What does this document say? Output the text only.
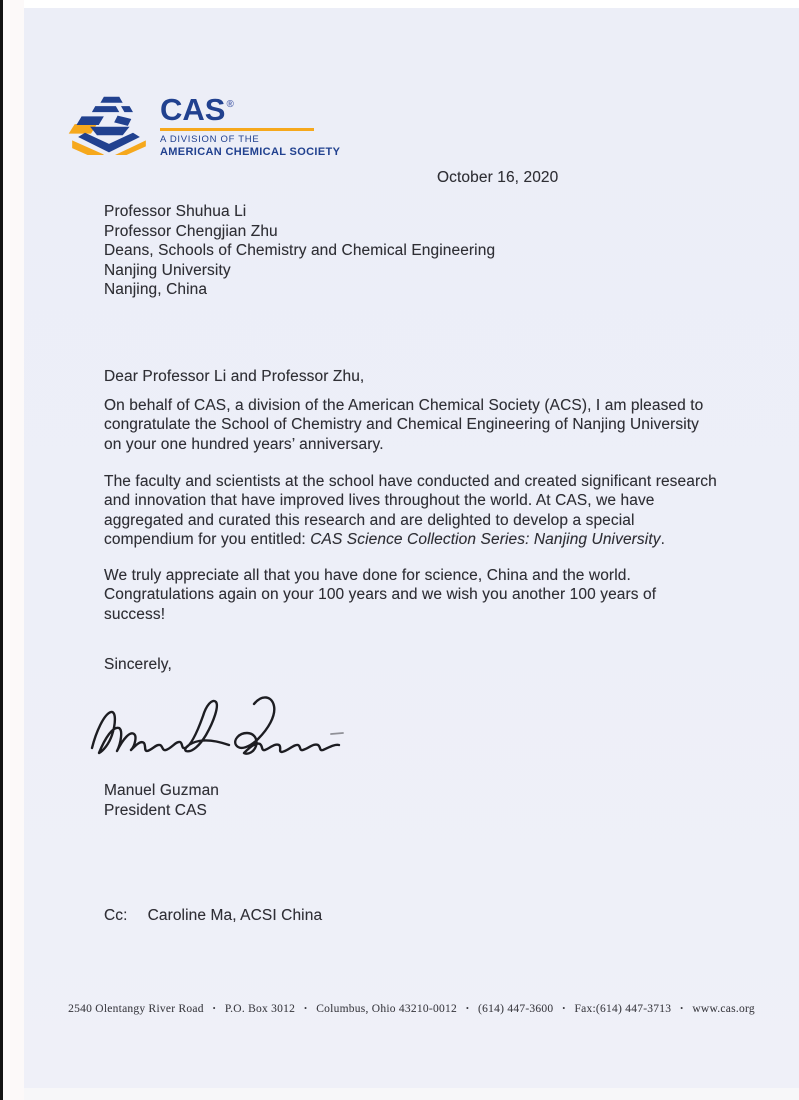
CAS®
A DIVISION OF THE
AMERICAN CHEMICAL SOCIETY
October 16, 2020
Professor Shuhua Li
Professor Chengjian Zhu
Deans, Schools of Chemistry and Chemical Engineering
Nanjing University
Nanjing, China
Dear Professor Li and Professor Zhu,
On behalf of CAS, a division of the American Chemical Society (ACS), I am pleased to
congratulate the School of Chemistry and Chemical Engineering of Nanjing University
on your one hundred years’ anniversary.
The faculty and scientists at the school have conducted and created significant research
and innovation that have improved lives throughout the world. At CAS, we have
aggregated and curated this research and are delighted to develop a special
compendium for you entitled: CAS Science Collection Series: Nanjing University.
We truly appreciate all that you have done for science, China and the world.
Congratulations again on your 100 years and we wish you another 100 years of
success!
Sincerely,
Manuel Guzman
President CAS
Cc: Caroline Ma, ACSI China
2540 Olentangy River Road • P.O. Box 3012 • Columbus, Ohio 43210-0012 • (614) 447-3600 • Fax:(614) 447-3713 • www.cas.org
